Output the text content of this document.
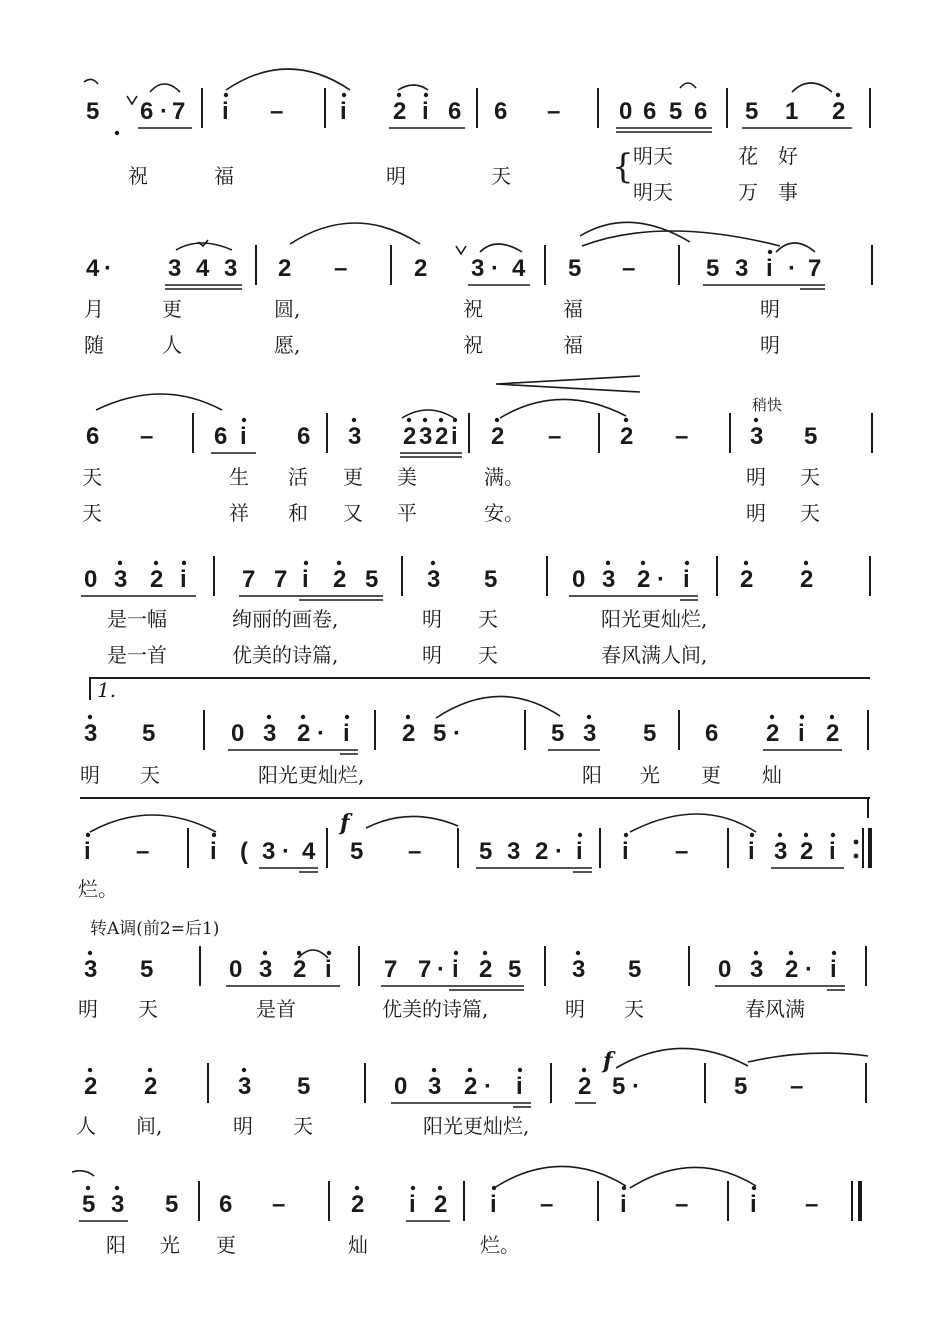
5 6 · 7 i – i 2 i 6 6 – 0 6 5 6 5 1 2
4 · 3 4 3 2 –	2 3 · 4 5 –	5 3 i · 7
6 –	6 i 6 3 2 3 2 i 2 – 2 –	3 5
0 3 2 i 7 7 i 2 5 3 5	0 3 2 · i 2 2
3 5	0 3 2 · i 2 5 ·	5 3 5 6 2 i 2
i –	i ( 3 · 4 5 – 5 3 2 · i i – i 3 2 i
3 5	0 3 2 i 7 7 · i 2 5 3 5	0 3 2 · i
2 2	3 5	0 3 2 · i 2 5 ·	5 –
5 3 5 6 –	2 i 2 i –	i –	i –
祝	福	明	天
明天	花 好
明天	万 事
月	更	圆,	祝	福	明
随	人	愿,	祝	福	明
天	生 活 更 美	满。	明 天
天	祥 和 又 平	安。	明 天
是一幅	绚丽的画卷,	明 天	阳光更灿烂,
是一首	优美的诗篇,	明 天	春风满人间,
明 天	阳光更灿烂,	阳 光 更 灿
烂。
明 天	是首	优美的诗篇,	明 天	春风满
人 间,	明 天	阳光更灿烂,
阳 光 更	灿	烂。
稍快
1.
转A调(前2=后1)
f
f
{
